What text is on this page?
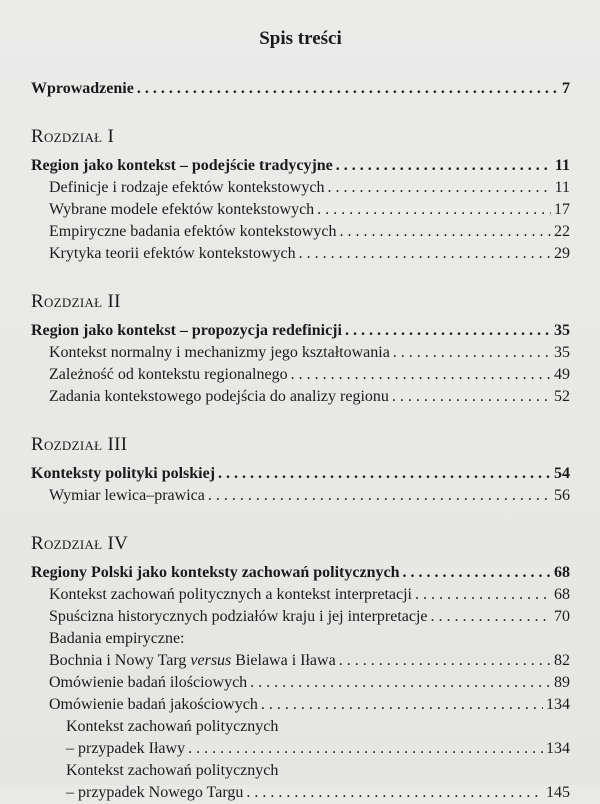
Spis treści
Wprowadzenie . . .	7
Rozdział I
Region jako kontekst – podejście tradycyjne . . .	11
Definicje i rodzaje efektów kontekstowych . . .	11
Wybrane modele efektów kontekstowych . . .	17
Empiryczne badania efektów kontekstowych . . .	22
Krytyka teorii efektów kontekstowych . . .	29
Rozdział II
Region jako kontekst – propozycja redefinicji . . .	35
Kontekst normalny i mechanizmy jego kształtowania . . .	35
Zależność od kontekstu regionalnego . . .	49
Zadania kontekstowego podejścia do analizy regionu . . .	52
Rozdział III
Konteksty polityki polskiej . . .	54
Wymiar lewica–prawica . . .	56
Rozdział IV
Regiony Polski jako konteksty zachowań politycznych . . .	68
Kontekst zachowań politycznych a kontekst interpretacji . . .	68
Spuścizna historycznych podziałów kraju i jej interpretacje . . .	70
Badania empiryczne:
Bochnia i Nowy Targ versus Bielawa i Iława . . .	82
Omówienie badań ilościowych . . .	89
Omówienie badań jakościowych . . .	134
Kontekst zachowań politycznych
– przypadek Iławy . . .	134
Kontekst zachowań politycznych
– przypadek Nowego Targu . . .	145
